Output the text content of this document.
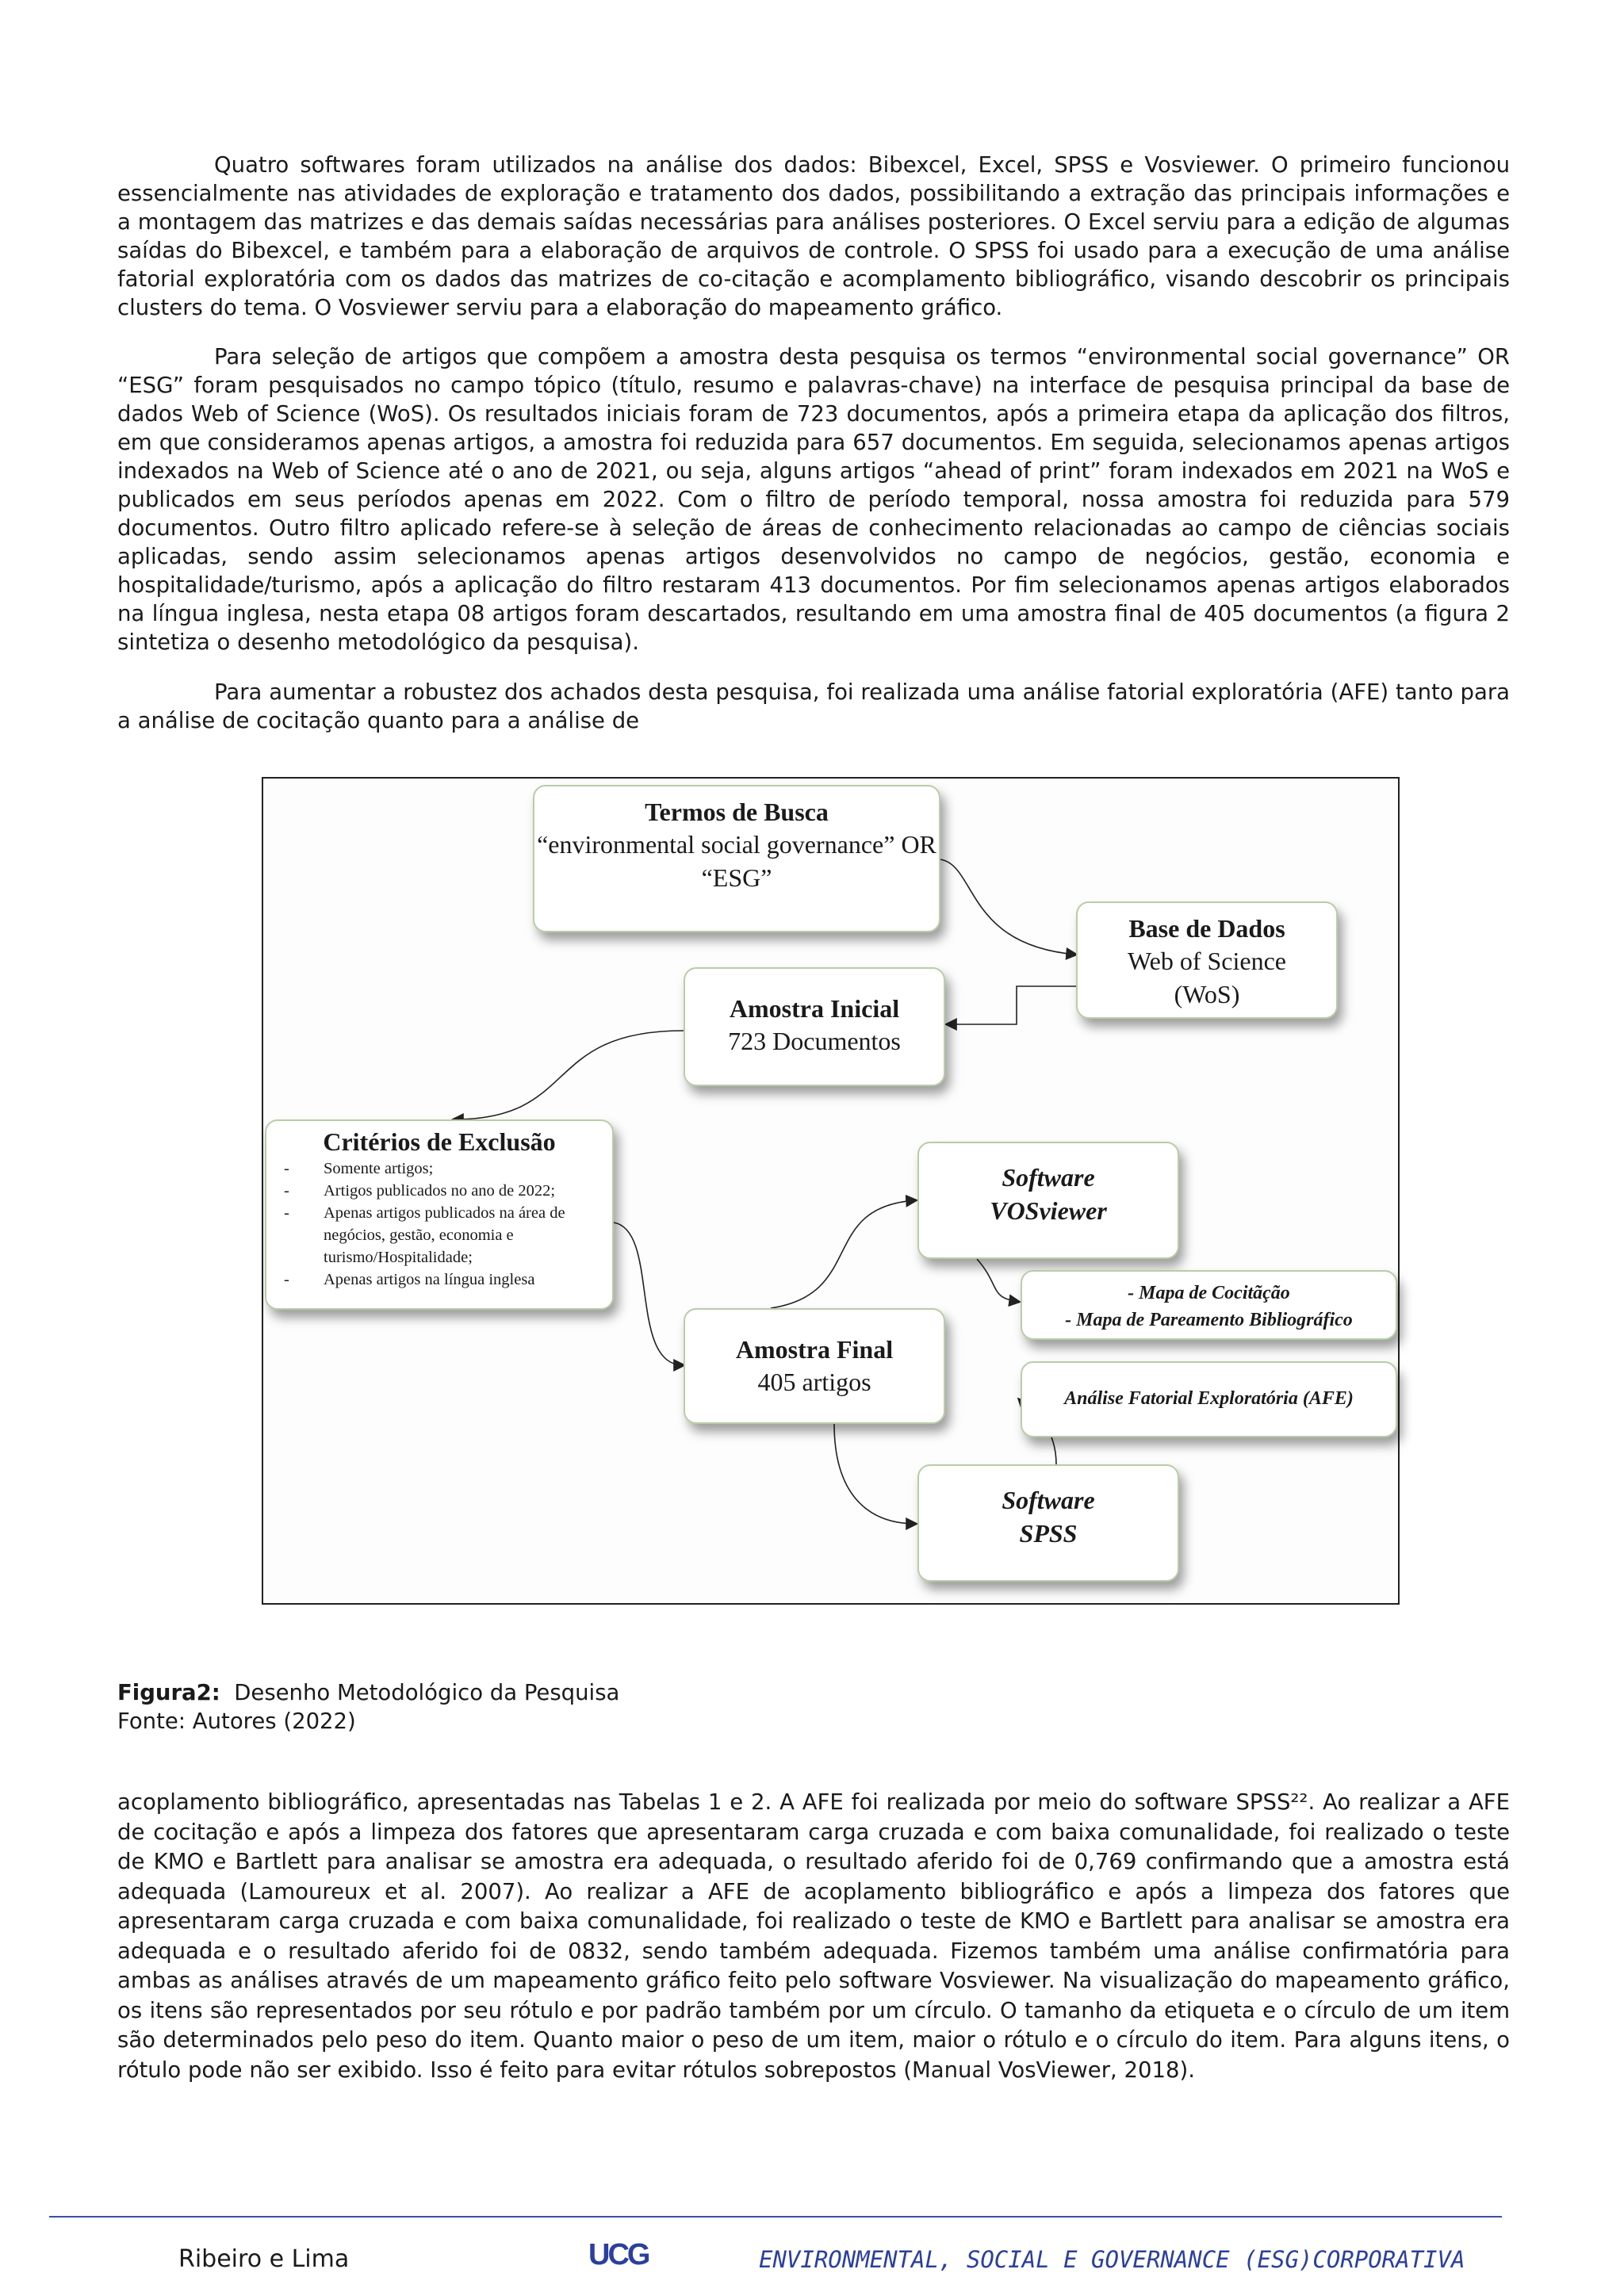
Quatro softwares foram utilizados na análise dos dados: Bibexcel, Excel, SPSS e Vosviewer. O primeiro funcionou essencialmente nas atividades de exploração e tratamento dos dados, possibilitando a extração das principais informações e a montagem das matrizes e das demais saídas necessárias para análises posteriores. O Excel serviu para a edição de algumas saídas do Bibexcel, e também para a elaboração de arquivos de controle. O SPSS foi usado para a execução de uma análise fatorial exploratória com os dados das matrizes de co-citação e acomplamento bibliográfico, visando descobrir os principais clusters do tema. O Vosviewer serviu para a elaboração do mapeamento gráfico.

Para seleção de artigos que compõem a amostra desta pesquisa os termos “environmental social governance” OR “ESG” foram pesquisados no campo tópico (título, resumo e palavras-chave) na interface de pesquisa principal da base de dados Web of Science (WoS). Os resultados iniciais foram de 723 documentos, após a primeira etapa da aplicação dos filtros, em que consideramos apenas artigos, a amostra foi reduzida para 657 documentos. Em seguida, selecionamos apenas artigos indexados na Web of Science até o ano de 2021, ou seja, alguns artigos “ahead of print” foram indexados em 2021 na WoS e publicados em seus períodos apenas em 2022. Com o filtro de período temporal, nossa amostra foi reduzida para 579 documentos. Outro filtro aplicado refere-se à seleção de áreas de conhecimento relacionadas ao campo de ciências sociais aplicadas, sendo assim selecionamos apenas artigos desenvolvidos no campo de negócios, gestão, economia e hospitalidade/turismo, após a aplicação do filtro restaram 413 documentos. Por fim selecionamos apenas artigos elaborados na língua inglesa, nesta etapa 08 artigos foram descartados, resultando em uma amostra final de 405 documentos (a figura 2 sintetiza o desenho metodológico da pesquisa).

Para aumentar a robustez dos achados desta pesquisa, foi realizada uma análise fatorial exploratória (AFE) tanto para a análise de cocitação quanto para a análise de

Termos de Busca
“environmental social governance” OR
“ESG”
Base de Dados
Web of Science
(WoS)
Amostra Inicial
723 Documentos
Critérios de Exclusão
- Somente artigos;
- Artigos publicados no ano de 2022;
- Apenas artigos publicados na área de negócios, gestão, economia e turismo/Hospitalidade;
- Apenas artigos na língua inglesa
Software
VOSviewer
- Mapa de Cocitãção
- Mapa de Pareamento Bibliográfico
Análise Fatorial Exploratória (AFE)
Amostra Final
405 artigos
Software
SPSS

Figura2: Desenho Metodológico da Pesquisa

Fonte: Autores (2022)

acoplamento bibliográfico, apresentadas nas Tabelas 1 e 2. A AFE foi realizada por meio do software SPSS²². Ao realizar a AFE de cocitação e após a limpeza dos fatores que apresentaram carga cruzada e com baixa comunalidade, foi realizado o teste de KMO e Bartlett para analisar se amostra era adequada, o resultado aferido foi de 0,769 confirmando que a amostra está adequada (Lamoureux et al. 2007). Ao realizar a AFE de acoplamento bibliográfico e após a limpeza dos fatores que apresentaram carga cruzada e com baixa comunalidade, foi realizado o teste de KMO e Bartlett para analisar se amostra era adequada e o resultado aferido foi de 0832, sendo também adequada. Fizemos também uma análise confirmatória para ambas as análises através de um mapeamento gráfico feito pelo software Vosviewer. Na visualização do mapeamento gráfico, os itens são representados por seu rótulo e por padrão também por um círculo. O tamanho da etiqueta e o círculo de um item são determinados pelo peso do item. Quanto maior o peso de um item, maior o rótulo e o círculo do item. Para alguns itens, o rótulo pode não ser exibido. Isso é feito para evitar rótulos sobrepostos (Manual VosViewer, 2018).

Ribeiro e Lima	UCG	ENVIRONMENTAL, SOCIAL E GOVERNANCE (ESG)CORPORATIVA
